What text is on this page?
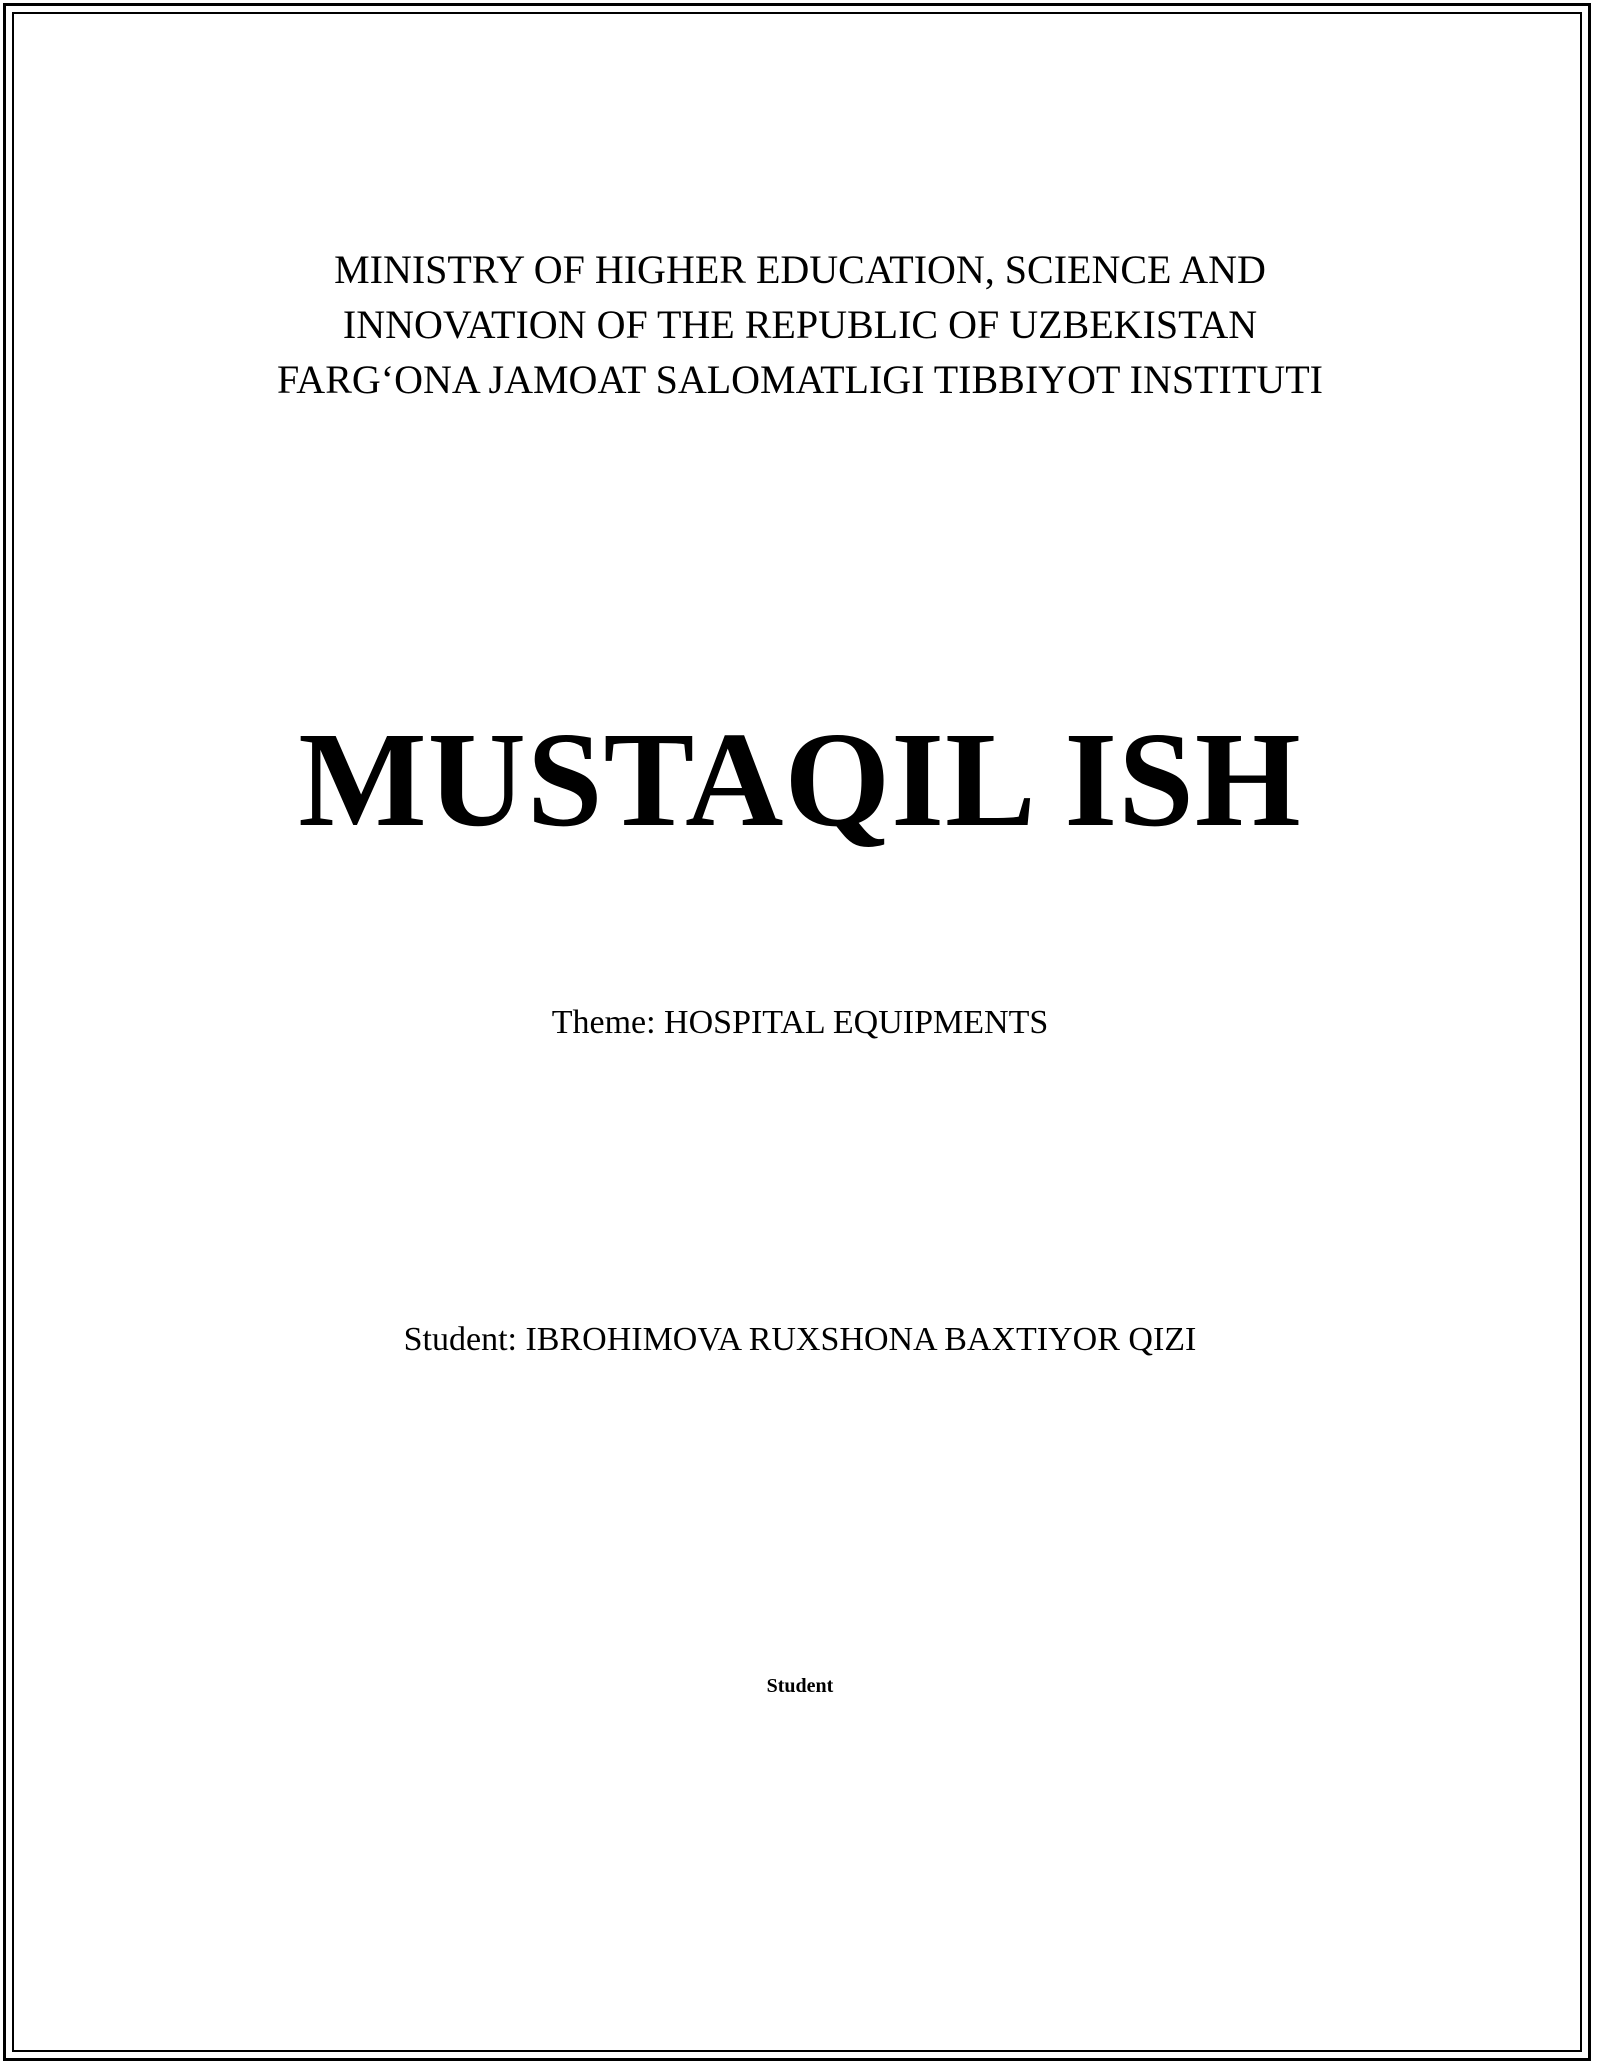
MINISTRY OF HIGHER EDUCATION, SCIENCE AND
INNOVATION OF THE REPUBLIC OF UZBEKISTAN
FARG‘ONA JAMOAT SALOMATLIGI TIBBIYOT INSTITUTI
MUSTAQIL ISH
Theme: HOSPITAL EQUIPMENTS
Student: IBROHIMOVA RUXSHONA BAXTIYOR QIZI
Student
